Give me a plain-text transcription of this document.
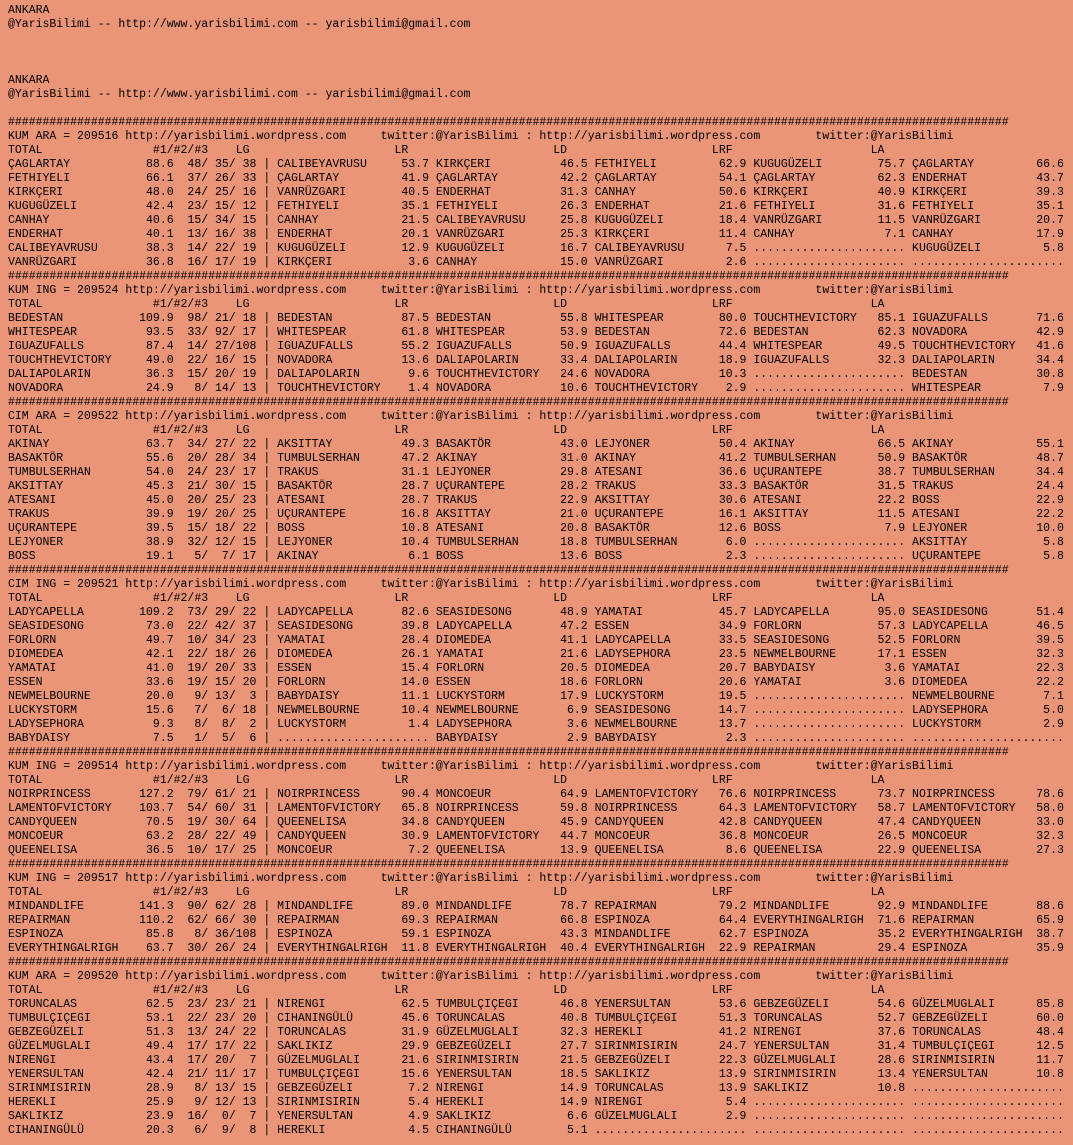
ANKARA
@YarisBilimi -- http://www.yarisbilimi.com -- yarisbilimi@gmail.com

ANKARA
@YarisBilimi -- http://www.yarisbilimi.com -- yarisbilimi@gmail.com

#################################################################################################################################################
KUM ARA = 209516 http://yarisbilimi.wordpress.com     twitter:@YarisBilimi : http://yarisbilimi.wordpress.com        twitter:@YarisBilimi
TOTAL                #1/#2/#3    LG                     LR                     LD                     LRF                    LA
ÇAGLARTAY           88.6  48/ 35/ 38 | CALIBEYAVRUSU     53.7 KIRKÇERI          46.5 FETHIYELI         62.9 KUGUGÜZELI        75.7 ÇAGLARTAY         66.6
FETHIYELI           66.1  37/ 26/ 33 | ÇAGLARTAY         41.9 ÇAGLARTAY         42.2 ÇAGLARTAY         54.1 ÇAGLARTAY         62.3 ENDERHAT          43.7
KIRKÇERI            48.0  24/ 25/ 16 | VANRÜZGARI        40.5 ENDERHAT          31.3 CANHAY            50.6 KIRKÇERI          40.9 KIRKÇERI          39.3
KUGUGÜZELI          42.4  23/ 15/ 12 | FETHIYELI         35.1 FETHIYELI         26.3 ENDERHAT          21.6 FETHIYELI         31.6 FETHIYELI         35.1
CANHAY              40.6  15/ 34/ 15 | CANHAY            21.5 CALIBEYAVRUSU     25.8 KUGUGÜZELI        18.4 VANRÜZGARI        11.5 VANRÜZGARI        20.7
ENDERHAT            40.1  13/ 16/ 38 | ENDERHAT          20.1 VANRÜZGARI        25.3 KIRKÇERI          11.4 CANHAY             7.1 CANHAY            17.9
CALIBEYAVRUSU       38.3  14/ 22/ 19 | KUGUGÜZELI        12.9 KUGUGÜZELI        16.7 CALIBEYAVRUSU      7.5 ...................... KUGUGÜZELI         5.8
VANRÜZGARI          36.8  16/ 17/ 19 | KIRKÇERI           3.6 CANHAY            15.0 VANRÜZGARI         2.6 ...................... ......................
#################################################################################################################################################
KUM ING = 209524 http://yarisbilimi.wordpress.com     twitter:@YarisBilimi : http://yarisbilimi.wordpress.com        twitter:@YarisBilimi
TOTAL                #1/#2/#3    LG                     LR                     LD                     LRF                    LA
BEDESTAN           109.9  98/ 21/ 18 | BEDESTAN          87.5 BEDESTAN          55.8 WHITESPEAR        80.0 TOUCHTHEVICTORY   85.1 IGUAZUFALLS       71.6
WHITESPEAR          93.5  33/ 92/ 17 | WHITESPEAR        61.8 WHITESPEAR        53.9 BEDESTAN          72.6 BEDESTAN          62.3 NOVADORA          42.9
IGUAZUFALLS         87.4  14/ 27/108 | IGUAZUFALLS       55.2 IGUAZUFALLS       50.9 IGUAZUFALLS       44.4 WHITESPEAR        49.5 TOUCHTHEVICTORY   41.6
TOUCHTHEVICTORY     49.0  22/ 16/ 15 | NOVADORA          13.6 DALIAPOLARIN      33.4 DALIAPOLARIN      18.9 IGUAZUFALLS       32.3 DALIAPOLARIN      34.4
DALIAPOLARIN        36.3  15/ 20/ 19 | DALIAPOLARIN       9.6 TOUCHTHEVICTORY   24.6 NOVADORA          10.3 ...................... BEDESTAN          30.8
NOVADORA            24.9   8/ 14/ 13 | TOUCHTHEVICTORY    1.4 NOVADORA          10.6 TOUCHTHEVICTORY    2.9 ...................... WHITESPEAR         7.9
#################################################################################################################################################
CIM ARA = 209522 http://yarisbilimi.wordpress.com     twitter:@YarisBilimi : http://yarisbilimi.wordpress.com        twitter:@YarisBilimi
TOTAL                #1/#2/#3    LG                     LR                     LD                     LRF                    LA
AKINAY              63.7  34/ 27/ 22 | AKSITTAY          49.3 BASAKTÖR          43.0 LEJYONER          50.4 AKINAY            66.5 AKINAY            55.1
BASAKTÖR            55.6  20/ 28/ 34 | TUMBULSERHAN      47.2 AKINAY            31.0 AKINAY            41.2 TUMBULSERHAN      50.9 BASAKTÖR          48.7
TUMBULSERHAN        54.0  24/ 23/ 17 | TRAKUS            31.1 LEJYONER          29.8 ATESANI           36.6 UÇURANTEPE        38.7 TUMBULSERHAN      34.4
AKSITTAY            45.3  21/ 30/ 15 | BASAKTÖR          28.7 UÇURANTEPE        28.2 TRAKUS            33.3 BASAKTÖR          31.5 TRAKUS            24.4
ATESANI             45.0  20/ 25/ 23 | ATESANI           28.7 TRAKUS            22.9 AKSITTAY          30.6 ATESANI           22.2 BOSS              22.9
TRAKUS              39.9  19/ 20/ 25 | UÇURANTEPE        16.8 AKSITTAY          21.0 UÇURANTEPE        16.1 AKSITTAY          11.5 ATESANI           22.2
UÇURANTEPE          39.5  15/ 18/ 22 | BOSS              10.8 ATESANI           20.8 BASAKTÖR          12.6 BOSS               7.9 LEJYONER          10.0
LEJYONER            38.9  32/ 12/ 15 | LEJYONER          10.4 TUMBULSERHAN      18.8 TUMBULSERHAN       6.0 ...................... AKSITTAY           5.8
BOSS                19.1   5/  7/ 17 | AKINAY             6.1 BOSS              13.6 BOSS               2.3 ...................... UÇURANTEPE         5.8
#################################################################################################################################################
CIM ING = 209521 http://yarisbilimi.wordpress.com     twitter:@YarisBilimi : http://yarisbilimi.wordpress.com        twitter:@YarisBilimi
TOTAL                #1/#2/#3    LG                     LR                     LD                     LRF                    LA
LADYCAPELLA        109.2  73/ 29/ 22 | LADYCAPELLA       82.6 SEASIDESONG       48.9 YAMATAI           45.7 LADYCAPELLA       95.0 SEASIDESONG       51.4
SEASIDESONG         73.0  22/ 42/ 37 | SEASIDESONG       39.8 LADYCAPELLA       47.2 ESSEN             34.9 FORLORN           57.3 LADYCAPELLA       46.5
FORLORN             49.7  10/ 34/ 23 | YAMATAI           28.4 DIOMEDEA          41.1 LADYCAPELLA       33.5 SEASIDESONG       52.5 FORLORN           39.5
DIOMEDEA            42.1  22/ 18/ 26 | DIOMEDEA          26.1 YAMATAI           21.6 LADYSEPHORA       23.5 NEWMELBOURNE      17.1 ESSEN             32.3
YAMATAI             41.0  19/ 20/ 33 | ESSEN             15.4 FORLORN           20.5 DIOMEDEA          20.7 BABYDAISY          3.6 YAMATAI           22.3
ESSEN               33.6  19/ 15/ 20 | FORLORN           14.0 ESSEN             18.6 FORLORN           20.6 YAMATAI            3.6 DIOMEDEA          22.2
NEWMELBOURNE        20.0   9/ 13/  3 | BABYDAISY         11.1 LUCKYSTORM        17.9 LUCKYSTORM        19.5 ...................... NEWMELBOURNE       7.1
LUCKYSTORM          15.6   7/  6/ 18 | NEWMELBOURNE      10.4 NEWMELBOURNE       6.9 SEASIDESONG       14.7 ...................... LADYSEPHORA        5.0
LADYSEPHORA          9.3   8/  8/  2 | LUCKYSTORM         1.4 LADYSEPHORA        3.6 NEWMELBOURNE      13.7 ...................... LUCKYSTORM         2.9
BABYDAISY            7.5   1/  5/  6 | ...................... BABYDAISY          2.9 BABYDAISY          2.3 ...................... ......................
#################################################################################################################################################
KUM ING = 209514 http://yarisbilimi.wordpress.com     twitter:@YarisBilimi : http://yarisbilimi.wordpress.com        twitter:@YarisBilimi
TOTAL                #1/#2/#3    LG                     LR                     LD                     LRF                    LA
NOIRPRINCESS       127.2  79/ 61/ 21 | NOIRPRINCESS      90.4 MONCOEUR          64.9 LAMENTOFVICTORY   76.6 NOIRPRINCESS      73.7 NOIRPRINCESS      78.6
LAMENTOFVICTORY    103.7  54/ 60/ 31 | LAMENTOFVICTORY   65.8 NOIRPRINCESS      59.8 NOIRPRINCESS      64.3 LAMENTOFVICTORY   58.7 LAMENTOFVICTORY   58.0
CANDYQUEEN          70.5  19/ 30/ 64 | QUEENELISA        34.8 CANDYQUEEN        45.9 CANDYQUEEN        42.8 CANDYQUEEN        47.4 CANDYQUEEN        33.0
MONCOEUR            63.2  28/ 22/ 49 | CANDYQUEEN        30.9 LAMENTOFVICTORY   44.7 MONCOEUR          36.8 MONCOEUR          26.5 MONCOEUR          32.3
QUEENELISA          36.5  10/ 17/ 25 | MONCOEUR           7.2 QUEENELISA        13.9 QUEENELISA         8.6 QUEENELISA        22.9 QUEENELISA        27.3
#################################################################################################################################################
KUM ING = 209517 http://yarisbilimi.wordpress.com     twitter:@YarisBilimi : http://yarisbilimi.wordpress.com        twitter:@YarisBilimi
TOTAL                #1/#2/#3    LG                     LR                     LD                     LRF                    LA
MINDANDLIFE        141.3  90/ 62/ 28 | MINDANDLIFE       89.0 MINDANDLIFE       78.7 REPAIRMAN         79.2 MINDANDLIFE       92.9 MINDANDLIFE       88.6
REPAIRMAN          110.2  62/ 66/ 30 | REPAIRMAN         69.3 REPAIRMAN         66.8 ESPINOZA          64.4 EVERYTHINGALRIGH  71.6 REPAIRMAN         65.9
ESPINOZA            85.8   8/ 36/108 | ESPINOZA          59.1 ESPINOZA          43.3 MINDANDLIFE       62.7 ESPINOZA          35.2 EVERYTHINGALRIGH  38.7
EVERYTHINGALRIGH    63.7  30/ 26/ 24 | EVERYTHINGALRIGH  11.8 EVERYTHINGALRIGH  40.4 EVERYTHINGALRIGH  22.9 REPAIRMAN         29.4 ESPINOZA          35.9
#################################################################################################################################################
KUM ARA = 209520 http://yarisbilimi.wordpress.com     twitter:@YarisBilimi : http://yarisbilimi.wordpress.com        twitter:@YarisBilimi
TOTAL                #1/#2/#3    LG                     LR                     LD                     LRF                    LA
TORUNCALAS          62.5  23/ 23/ 21 | NIRENGI           62.5 TUMBULÇIÇEGI      46.8 YENERSULTAN       53.6 GEBZEGÜZELI       54.6 GÜZELMUGLALI      85.8
TUMBULÇIÇEGI        53.1  22/ 23/ 20 | CIHANINGÜLÜ       45.6 TORUNCALAS        40.8 TUMBULÇIÇEGI      51.3 TORUNCALAS        52.7 GEBZEGÜZELI       60.0
GEBZEGÜZELI         51.3  13/ 24/ 22 | TORUNCALAS        31.9 GÜZELMUGLALI      32.3 HEREKLI           41.2 NIRENGI           37.6 TORUNCALAS        48.4
GÜZELMUGLALI        49.4  17/ 17/ 22 | SAKLIKIZ          29.9 GEBZEGÜZELI       27.7 SIRINMISIRIN      24.7 YENERSULTAN       31.4 TUMBULÇIÇEGI      12.5
NIRENGI             43.4  17/ 20/  7 | GÜZELMUGLALI      21.6 SIRINMISIRIN      21.5 GEBZEGÜZELI       22.3 GÜZELMUGLALI      28.6 SIRINMISIRIN      11.7
YENERSULTAN         42.4  21/ 11/ 17 | TUMBULÇIÇEGI      15.6 YENERSULTAN       18.5 SAKLIKIZ          13.9 SIRINMISIRIN      13.4 YENERSULTAN       10.8
SIRINMISIRIN        28.9   8/ 13/ 15 | GEBZEGÜZELI        7.2 NIRENGI           14.9 TORUNCALAS        13.9 SAKLIKIZ          10.8 ......................
HEREKLI             25.9   9/ 12/ 13 | SIRINMISIRIN       5.4 HEREKLI           14.9 NIRENGI            5.4 ...................... ......................
SAKLIKIZ            23.9  16/  0/  7 | YENERSULTAN        4.9 SAKLIKIZ           6.6 GÜZELMUGLALI       2.9 ...................... ......................
CIHANINGÜLÜ         20.3   6/  9/  8 | HEREKLI            4.5 CIHANINGÜLÜ        5.1 ...................... ...................... ......................
